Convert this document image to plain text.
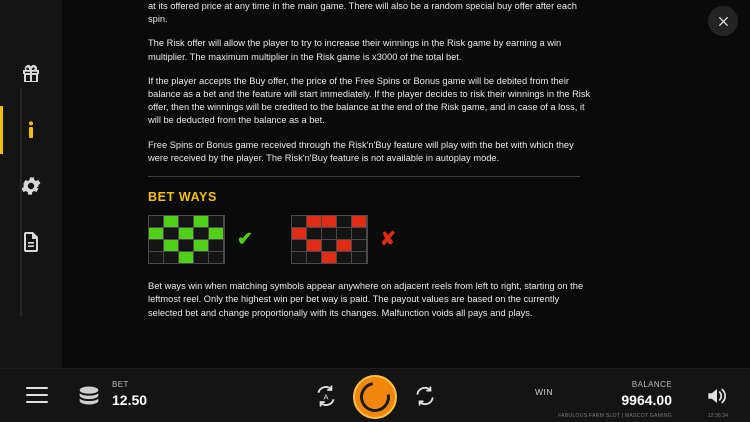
at its offered price at any time in the main game. There will also be a random special buy offer after each spin.

The Risk offer will allow the player to try to increase their winnings in the Risk game by earning a win multiplier. The maximum multiplier in the Risk game is x3000 of the total bet.

If the player accepts the Buy offer, the price of the Free Spins or Bonus game will be debited from their balance as a bet and the feature will start immediately. If the player decides to risk their winnings in the Risk offer, then the winnings will be credited to the balance at the end of the Risk game, and in case of a loss, it will be deducted from the balance as a bet.

Free Spins or Bonus game received through the Risk'n'Buy feature will play with the bet with which they were received by the player. The Risk'n'Buy feature is not available in autoplay mode.

BET WAYS
✔	✘

Bet ways win when matching symbols appear anywhere on adjacent reels from left to right, starting on the leftmost reel. Only the highest win per bet way is paid. The payout values are based on the currently selected bet and change proportionally with its changes. Malfunction voids all pays and plays.

BET
12.50	A	WIN
BALANCE
9964.00
FABULOUS FARM SLOT | MASCOT GAMING	12:36:34
